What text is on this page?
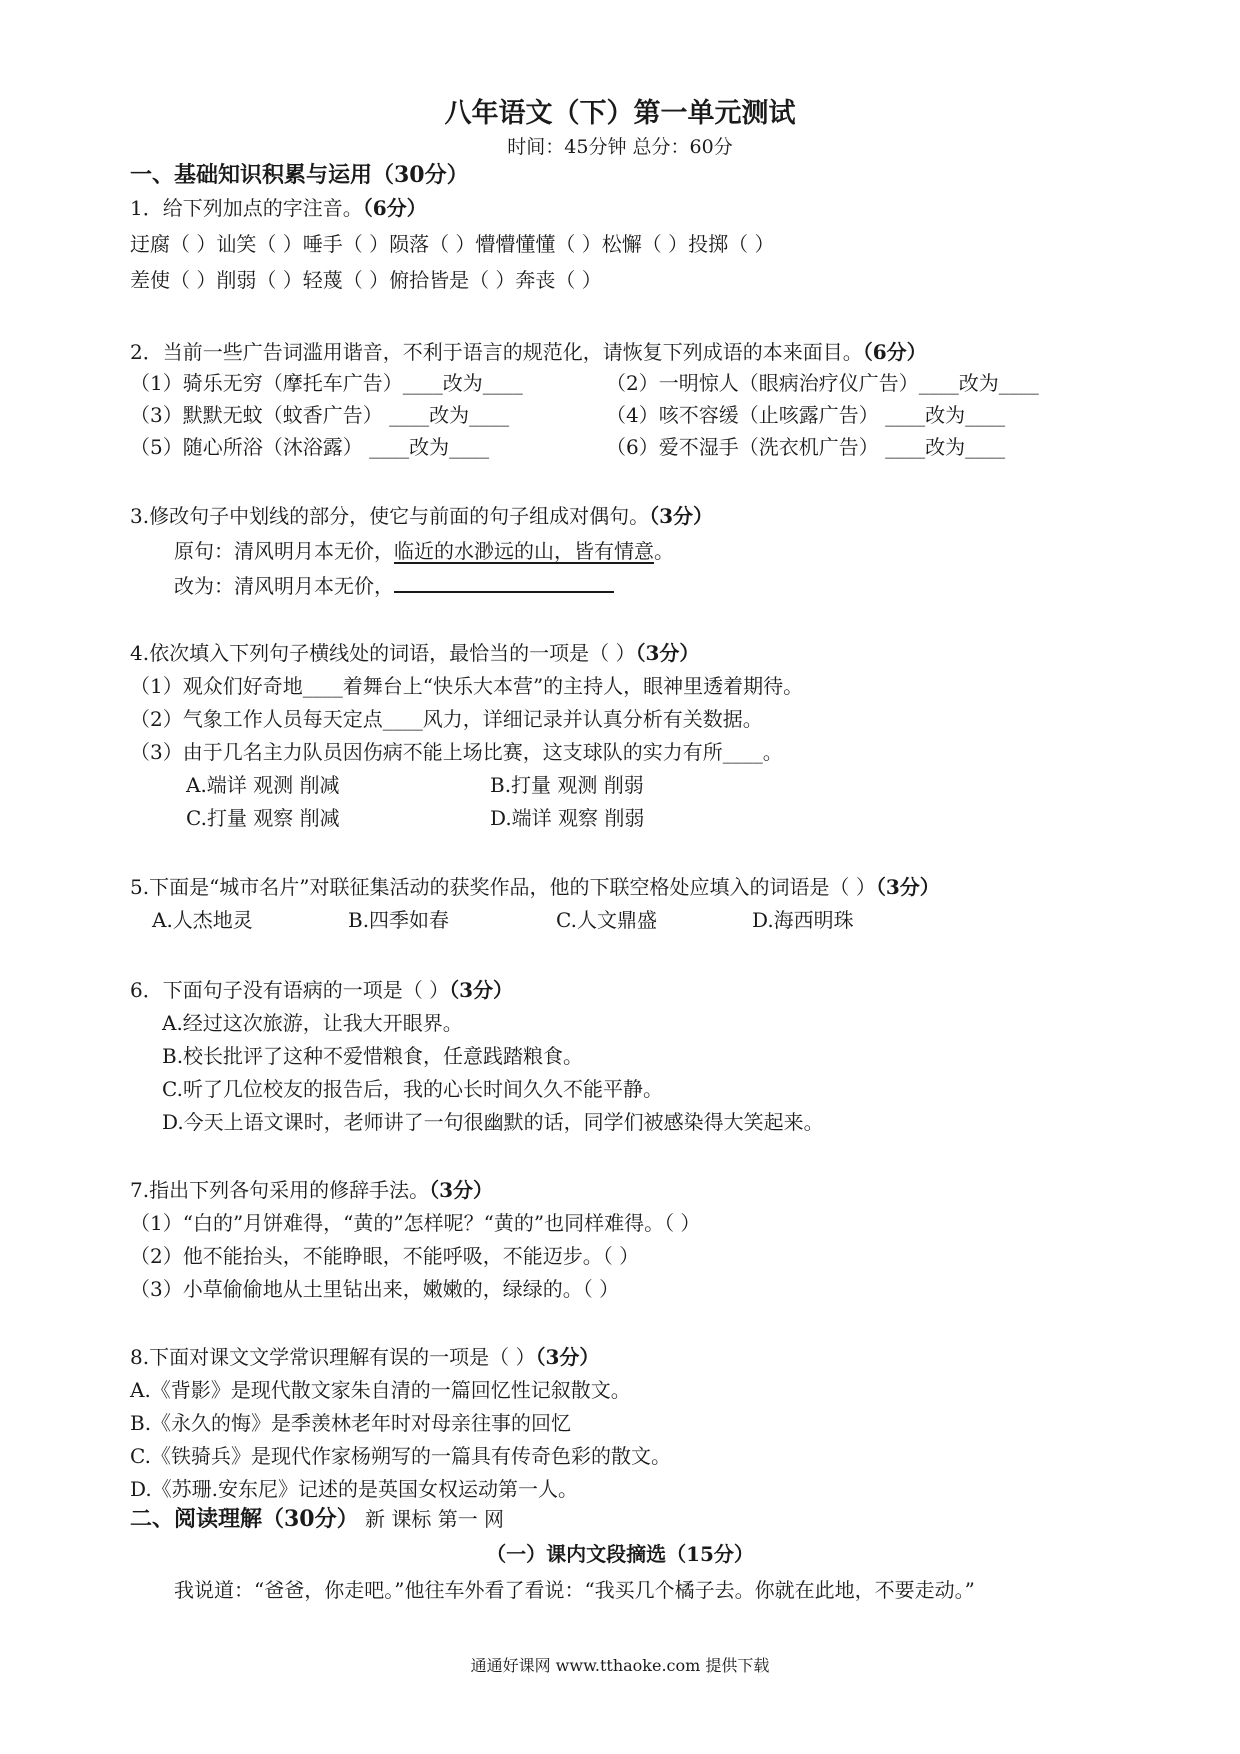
八年语文（下）第一单元测试
时间：45分钟 总分：60分
一、基础知识积累与运用（30分）
1．给下列加点的字注音。（6分）
迂腐（ ）讪笑（ ）唾手（ ）陨落（ ）懵懵懂懂（ ）松懈（ ）投掷（ ）
差使（ ）削弱（ ）轻蔑（ ）俯拾皆是（ ）奔丧（ ）
2．当前一些广告词滥用谐音，不利于语言的规范化，请恢复下列成语的本来面目。（6分）
（1）骑乐无穷（摩托车广告）____改为____	（2）一明惊人（眼病治疗仪广告）____改为____
（3）默默无蚊（蚊香广告） ____改为____	（4）咳不容缓（止咳露广告） ____改为____
（5）随心所浴（沐浴露） ____改为____	（6）爱不湿手（洗衣机广告） ____改为____
3.修改句子中划线的部分，使它与前面的句子组成对偶句。（3分）
原句：清风明月本无价，临近的水渺远的山，皆有情意。
改为：清风明月本无价，
4.依次填入下列句子横线处的词语，最恰当的一项是（ ）（3分）
（1）观众们好奇地____着舞台上“快乐大本营”的主持人，眼神里透着期待。
（2）气象工作人员每天定点____风力，详细记录并认真分析有关数据。
（3）由于几名主力队员因伤病不能上场比赛，这支球队的实力有所____。
A.端详 观测 削减	B.打量 观测 削弱
C.打量 观察 削减	D.端详 观察 削弱
5.下面是“城市名片”对联征集活动的获奖作品，他的下联空格处应填入的词语是（ ）（3分）
A.人杰地灵	B.四季如春	C.人文鼎盛	D.海西明珠
6．下面句子没有语病的一项是（ ）（3分）
A.经过这次旅游，让我大开眼界。
B.校长批评了这种不爱惜粮食，任意践踏粮食。
C.听了几位校友的报告后，我的心长时间久久不能平静。
D.今天上语文课时，老师讲了一句很幽默的话，同学们被感染得大笑起来。
7.指出下列各句采用的修辞手法。（3分）
（1）“白的”月饼难得，“黄的”怎样呢？“黄的”也同样难得。（ ）
（2）他不能抬头，不能睁眼，不能呼吸，不能迈步。（ ）
（3）小草偷偷地从土里钻出来，嫩嫩的，绿绿的。（ ）
8.下面对课文文学常识理解有误的一项是（ ）（3分）
A.《背影》是现代散文家朱自清的一篇回忆性记叙散文。
B.《永久的悔》是季羡林老年时对母亲往事的回忆
C.《铁骑兵》是现代作家杨朔写的一篇具有传奇色彩的散文。
D.《苏珊.安东尼》记述的是英国女权运动第一人。
二、阅读理解（30分） 新 课标 第一 网
（一）课内文段摘选（15分）
我说道：“爸爸，你走吧。”他往车外看了看说：“我买几个橘子去。你就在此地，不要走动。”
通通好课网 www.tthaoke.com 提供下载
